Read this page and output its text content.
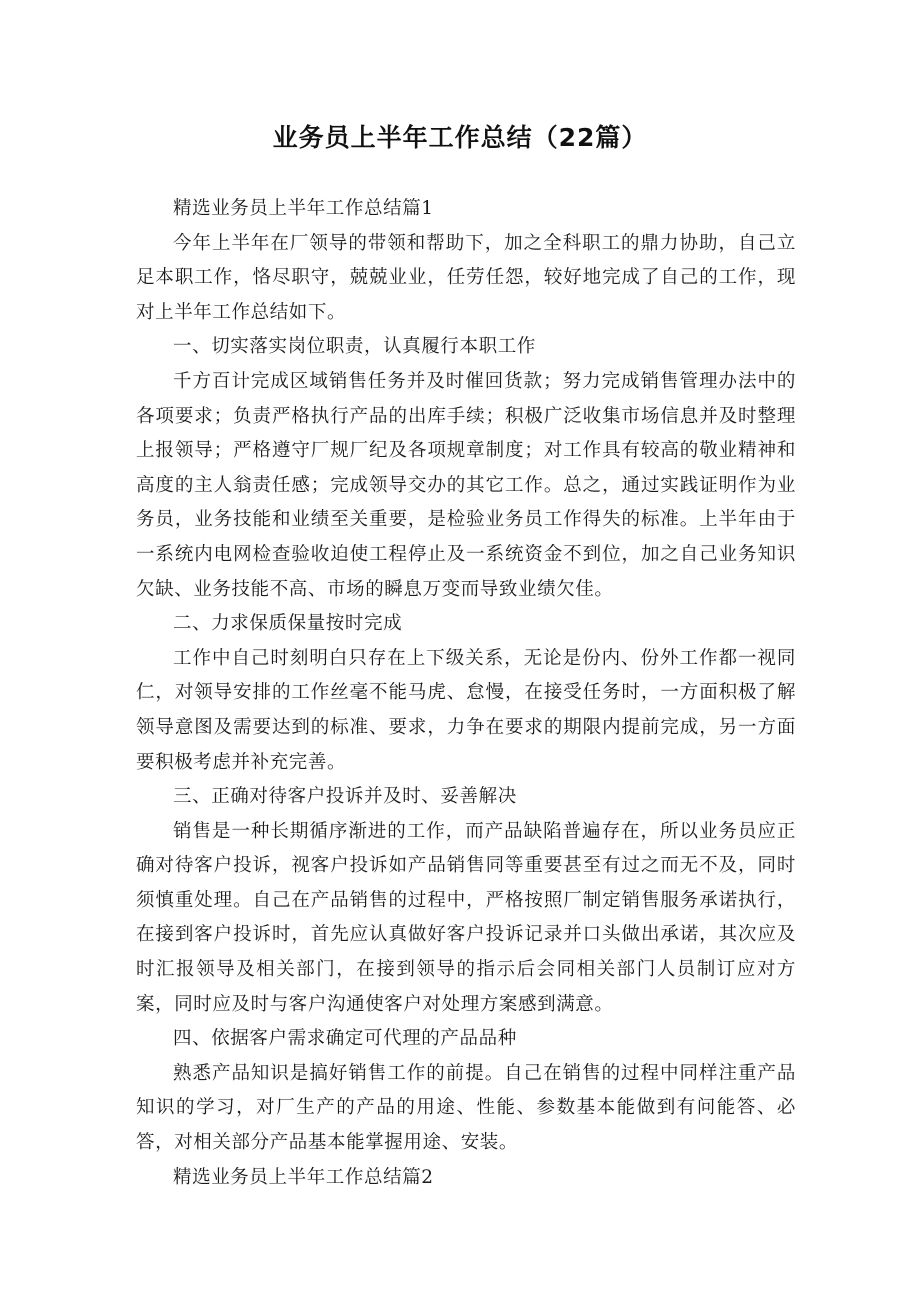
业务员上半年工作总结（22篇）

精选业务员上半年工作总结篇1

今年上半年在厂领导的带领和帮助下，加之全科职工的鼎力协助，自己立足本职工作，恪尽职守，兢兢业业，任劳任怨，较好地完成了自己的工作，现对上半年工作总结如下。

一、切实落实岗位职责，认真履行本职工作

千方百计完成区域销售任务并及时催回货款；努力完成销售管理办法中的各项要求；负责严格执行产品的出库手续；积极广泛收集市场信息并及时整理上报领导；严格遵守厂规厂纪及各项规章制度；对工作具有较高的敬业精神和高度的主人翁责任感；完成领导交办的其它工作。总之，通过实践证明作为业务员，业务技能和业绩至关重要，是检验业务员工作得失的标准。上半年由于一系统内电网检查验收迫使工程停止及一系统资金不到位，加之自己业务知识欠缺、业务技能不高、市场的瞬息万变而导致业绩欠佳。

二、力求保质保量按时完成

工作中自己时刻明白只存在上下级关系，无论是份内、份外工作都一视同仁，对领导安排的工作丝毫不能马虎、怠慢，在接受任务时，一方面积极了解领导意图及需要达到的标准、要求，力争在要求的期限内提前完成，另一方面要积极考虑并补充完善。

三、正确对待客户投诉并及时、妥善解决

销售是一种长期循序渐进的工作，而产品缺陷普遍存在，所以业务员应正确对待客户投诉，视客户投诉如产品销售同等重要甚至有过之而无不及，同时须慎重处理。自己在产品销售的过程中，严格按照厂制定销售服务承诺执行，在接到客户投诉时，首先应认真做好客户投诉记录并口头做出承诺，其次应及时汇报领导及相关部门，在接到领导的指示后会同相关部门人员制订应对方案，同时应及时与客户沟通使客户对处理方案感到满意。

四、依据客户需求确定可代理的产品品种

熟悉产品知识是搞好销售工作的前提。自己在销售的过程中同样注重产品知识的学习，对厂生产的产品的用途、性能、参数基本能做到有问能答、必答，对相关部分产品基本能掌握用途、安装。

精选业务员上半年工作总结篇2
